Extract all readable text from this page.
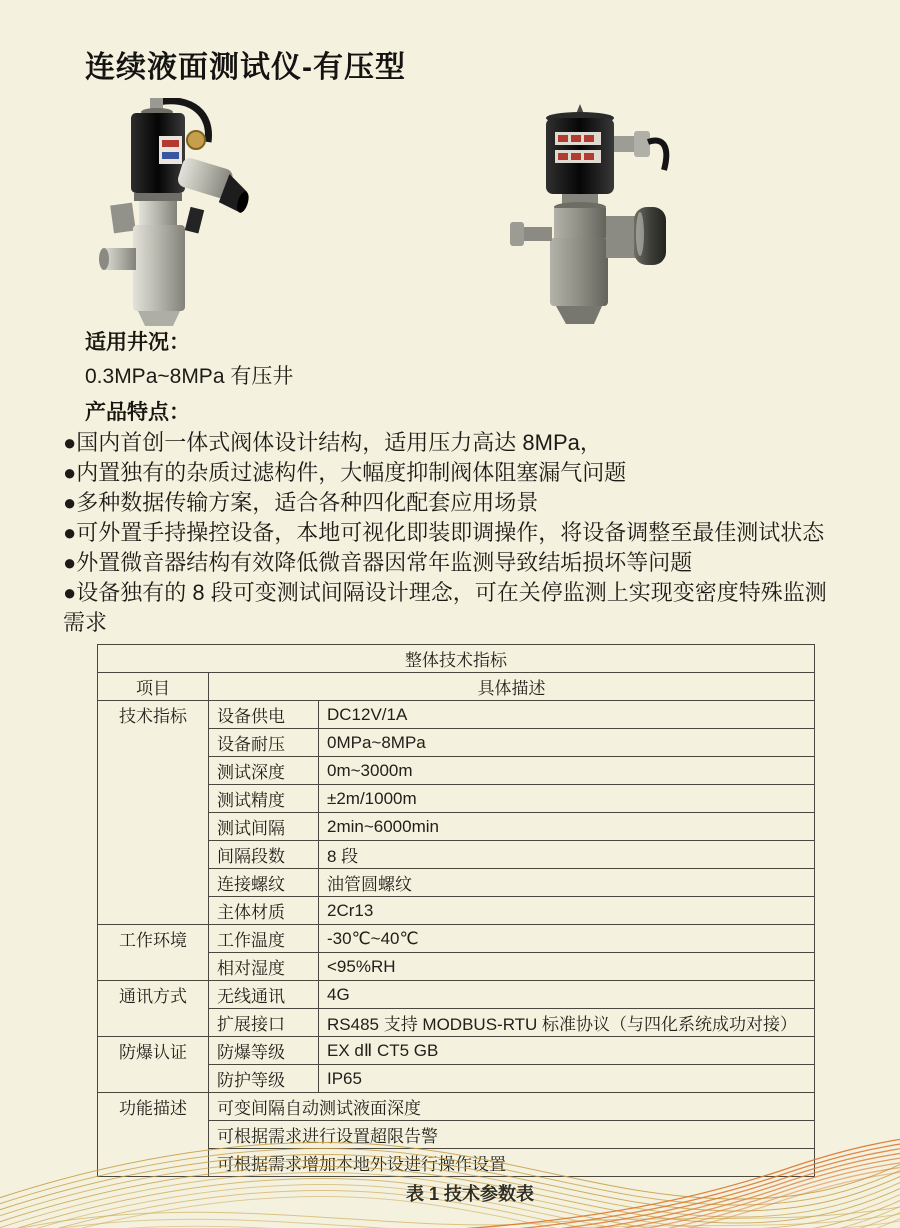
连续液面测试仪-有压型
适用井况：
0.3MPa~8MPa 有压井
产品特点：
●国内首创一体式阀体设计结构，适用压力高达 8MPa，
●内置独有的杂质过滤构件，大幅度抑制阀体阻塞漏气问题
●多种数据传输方案，适合各种四化配套应用场景
●可外置手持操控设备，本地可视化即装即调操作，将设备调整至最佳测试状态
●外置微音器结构有效降低微音器因常年监测导致结垢损坏等问题
●设备独有的 8 段可变测试间隔设计理念，可在关停监测上实现变密度特殊监测需求
整体技术指标		
项目	具体描述	
技术指标	设备供电	DC12V/1A
	设备耐压	0MPa~8MPa
	测试深度	0m~3000m
	测试精度	±2m/1000m
	测试间隔	2min~6000min
	间隔段数	8 段
	连接螺纹	油管圆螺纹
	主体材质	2Cr13
工作环境	工作温度	-30℃~40℃
	相对湿度	<95%RH
通讯方式	无线通讯	4G
	扩展接口	RS485 支持 MODBUS-RTU 标准协议（与四化系统成功对接）
防爆认证	防爆等级	EX dⅡ CT5 GB
	防护等级	IP65
功能描述	可变间隔自动测试液面深度	
	可根据需求进行设置超限告警	
	可根据需求增加本地外设进行操作设置	
表 1 技术参数表
